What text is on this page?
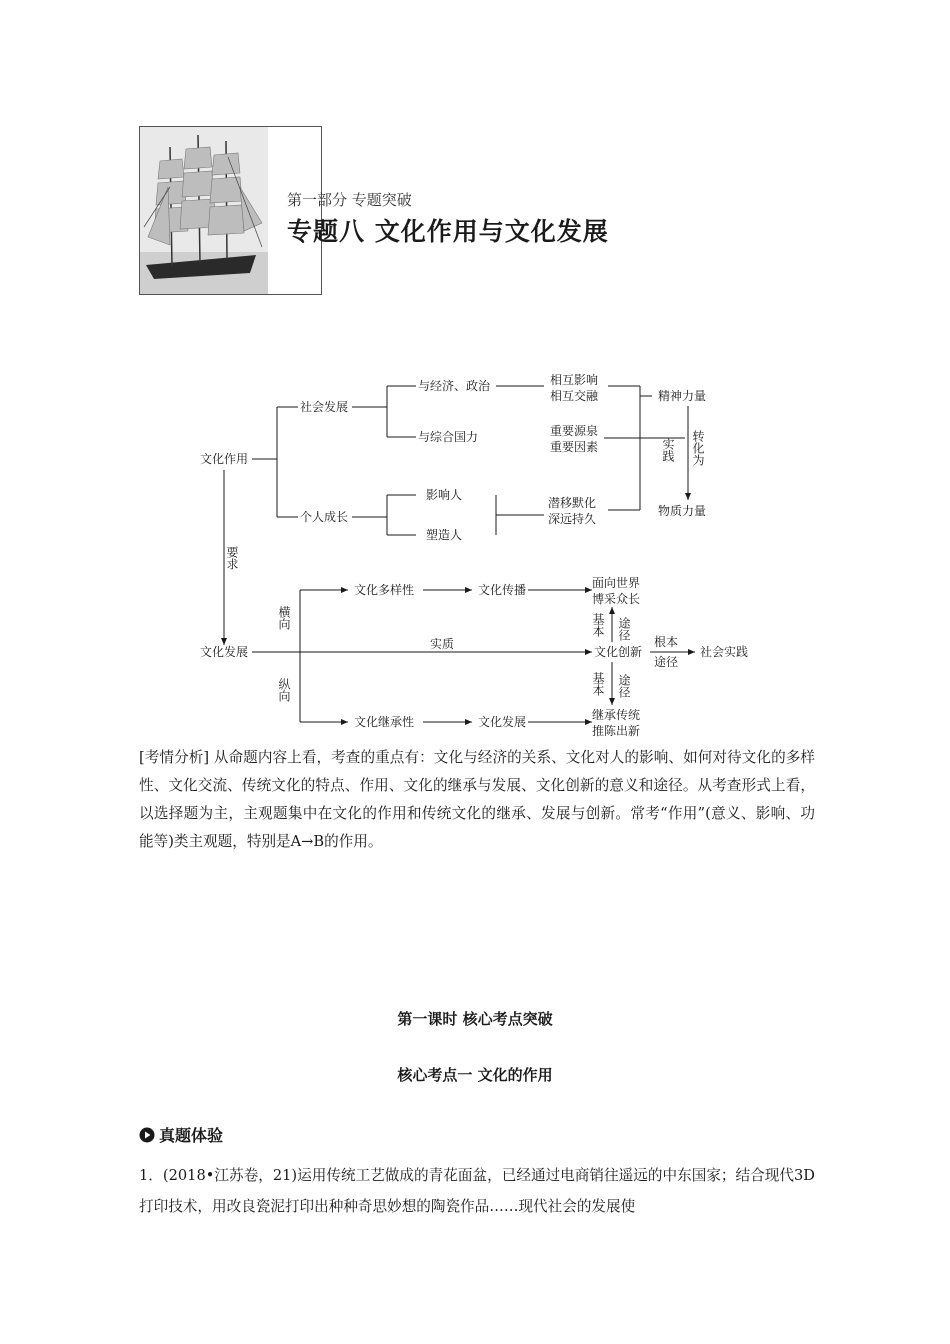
第一部分 专题突破
专题八 文化作用与文化发展
文化作用
社会发展
与经济、政治	相互影响
相互交融
与综合国力	重要源泉
重要因素
精神力量
实践 转化为
物质力量
个人成长
影响人
塑造人
潜移默化
深远持久
要求
文化发展
横向
纵向
文化多样性	文化传播	面向世界
博采众长
基本 途径
实质
文化创新
根本
途径
社会实践
基本 途径
文化继承性	文化发展	继承传统
推陈出新
[考情分析] 从命题内容上看，考查的重点有：文化与经济的关系、文化对人的影响、如何对待文化的多样性、文化交流、传统文化的特点、作用、文化的继承与发展、文化创新的意义和途径。从考查形式上看，以选择题为主，主观题集中在文化的作用和传统文化的继承、发展与创新。常考“作用”(意义、影响、功能等)类主观题，特别是A→B的作用。
第一课时 核心考点突破
核心考点一 文化的作用
真题体验
1．(2018•江苏卷，21)运用传统工艺做成的青花面盆，已经通过电商销往遥远的中东国家；结合现代3D打印技术，用改良瓷泥打印出种种奇思妙想的陶瓷作品……现代社会的发展使
